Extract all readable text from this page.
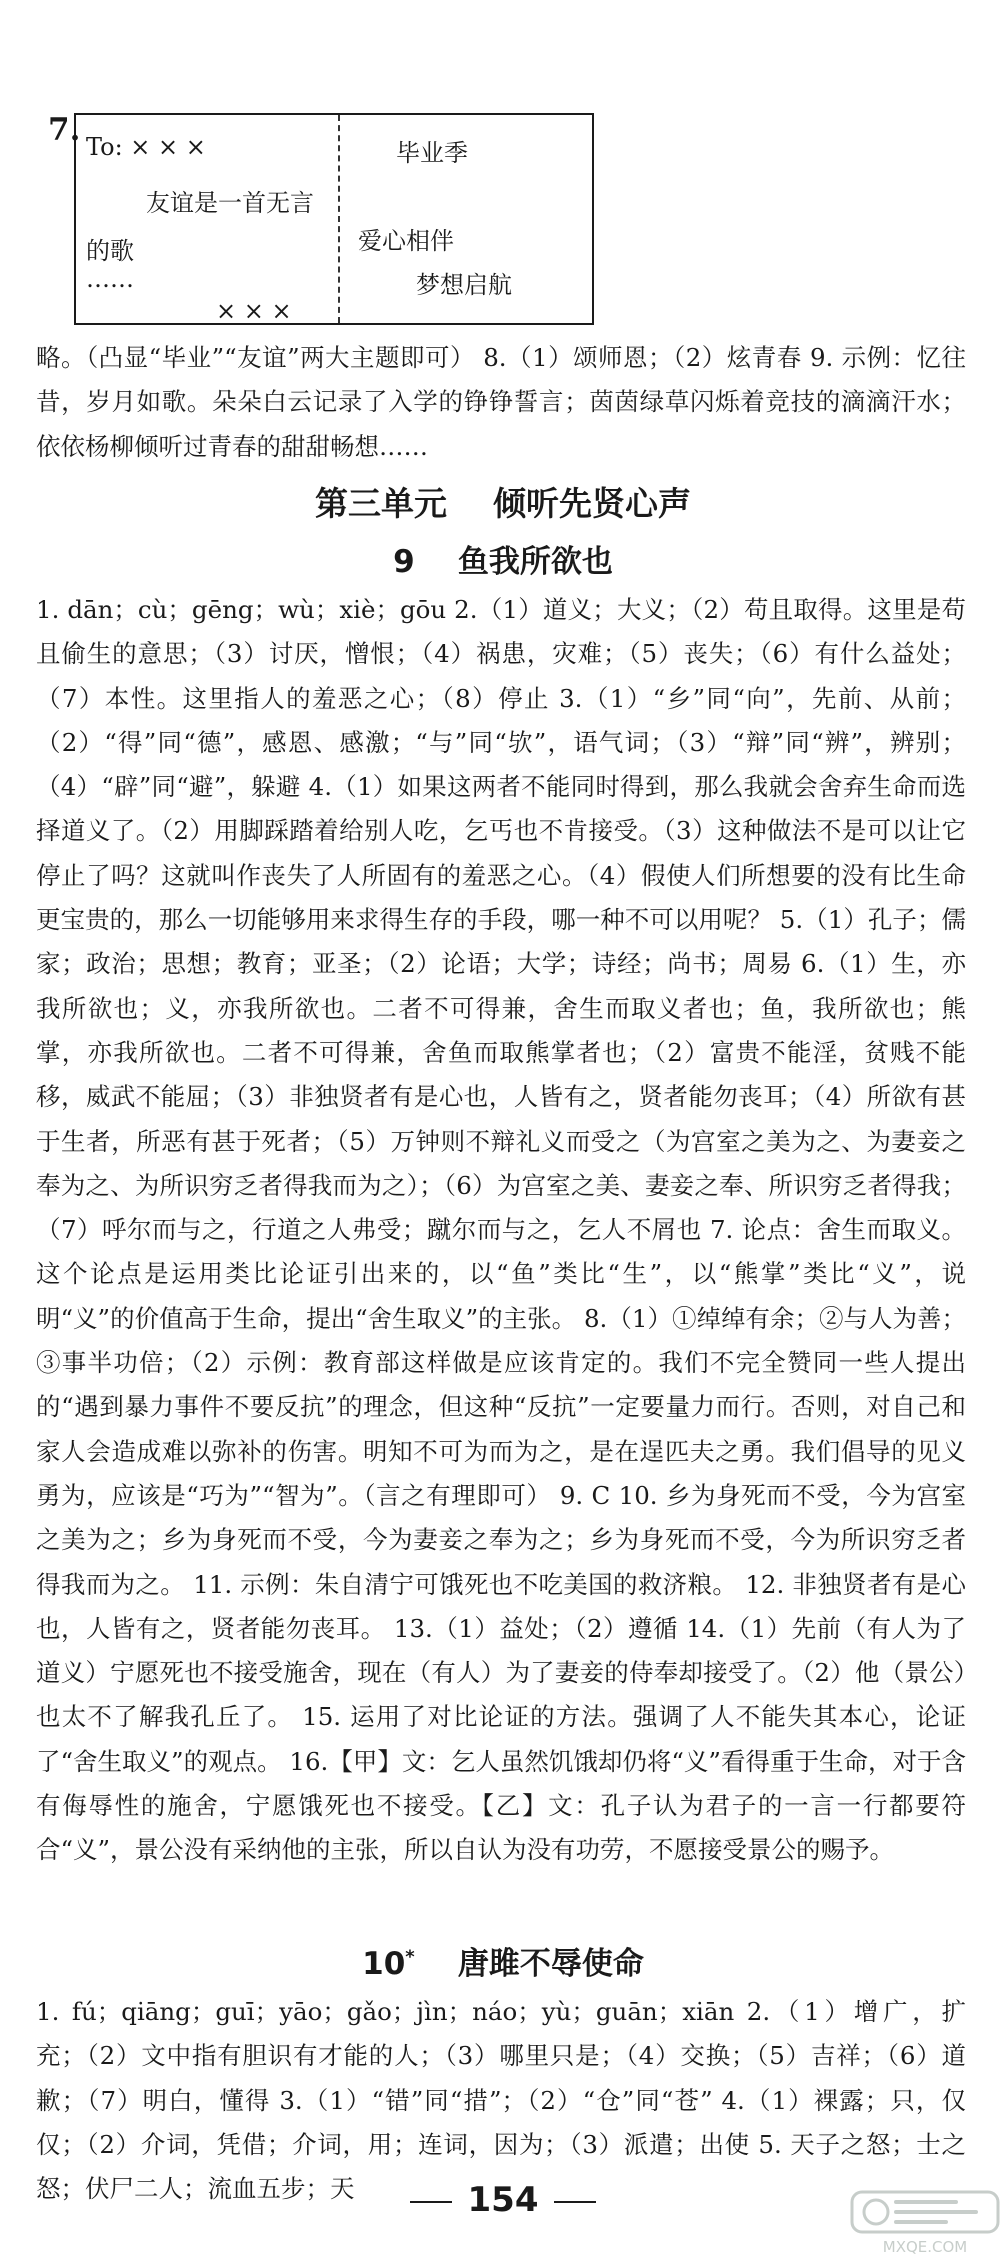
7. To: × × ×
友谊是一首无言
的歌
……
× × ×
毕业季
爱心相伴
梦想启航

略。（凸显“毕业”“友谊”两大主题即可） 8.（1）颂师恩；（2）炫青春 9. 示例：忆往昔，岁月如歌。朵朵白云记录了入学的铮铮誓言；茵茵绿草闪烁着竞技的滴滴汗水；依依杨柳倾听过青春的甜甜畅想……

第三单元    倾听先贤心声
9 鱼我所欲也

1. dān；cù；gēng；wù；xiè；gōu 2.（1）道义；大义；（2）苟且取得。这里是苟且偷生的意思；（3）讨厌，憎恨；（4）祸患，灾难；（5）丧失；（6）有什么益处；（7）本性。这里指人的羞恶之心；（8）停止 3.（1）“乡”同“向”，先前、从前；（2）“得”同“德”，感恩、感激；“与”同“欤”，语气词；（3）“辩”同“辨”，辨别；（4）“辟”同“避”，躲避 4.（1）如果这两者不能同时得到，那么我就会舍弃生命而选择道义了。（2）用脚踩踏着给别人吃，乞丐也不肯接受。（3）这种做法不是可以让它停止了吗？这就叫作丧失了人所固有的羞恶之心。（4）假使人们所想要的没有比生命更宝贵的，那么一切能够用来求得生存的手段，哪一种不可以用呢？ 5.（1）孔子；儒家；政治；思想；教育；亚圣；（2）论语；大学；诗经；尚书；周易 6.（1）生，亦我所欲也；义，亦我所欲也。二者不可得兼，舍生而取义者也；鱼，我所欲也；熊掌，亦我所欲也。二者不可得兼，舍鱼而取熊掌者也；（2）富贵不能淫，贫贱不能移，威武不能屈；（3）非独贤者有是心也，人皆有之，贤者能勿丧耳；（4）所欲有甚于生者，所恶有甚于死者；（5）万钟则不辩礼义而受之（为宫室之美为之、为妻妾之奉为之、为所识穷乏者得我而为之）；（6）为宫室之美、妻妾之奉、所识穷乏者得我；（7）呼尔而与之，行道之人弗受；蹴尔而与之，乞人不屑也 7. 论点：舍生而取义。这个论点是运用类比论证引出来的，以“鱼”类比“生”，以“熊掌”类比“义”，说明“义”的价值高于生命，提出“舍生取义”的主张。 8.（1）①绰绰有余；②与人为善；③事半功倍；（2）示例：教育部这样做是应该肯定的。我们不完全赞同一些人提出的“遇到暴力事件不要反抗”的理念，但这种“反抗”一定要量力而行。否则，对自己和家人会造成难以弥补的伤害。明知不可为而为之，是在逞匹夫之勇。我们倡导的见义勇为，应该是“巧为”“智为”。（言之有理即可） 9. C 10. 乡为身死而不受，今为宫室之美为之；乡为身死而不受，今为妻妾之奉为之；乡为身死而不受，今为所识穷乏者得我而为之。 11. 示例：朱自清宁可饿死也不吃美国的救济粮。 12. 非独贤者有是心也，人皆有之，贤者能勿丧耳。 13.（1）益处；（2）遵循 14.（1）先前（有人为了道义）宁愿死也不接受施舍，现在（有人）为了妻妾的侍奉却接受了。（2）他（景公）也太不了解我孔丘了。 15. 运用了对比论证的方法。强调了人不能失其本心，论证了“舍生取义”的观点。 16.【甲】文：乞人虽然饥饿却仍将“义”看得重于生命，对于含有侮辱性的施舍，宁愿饿死也不接受。【乙】文：孔子认为君子的一言一行都要符合“义”，景公没有采纳他的主张，所以自认为没有功劳，不愿接受景公的赐予。

10* 唐雎不辱使命

1. fú；qiāng；guī；yāo；gǎo；jìn；náo；yù；guān；xiān 2.（1）增广，扩充；（2）文中指有胆识有才能的人；（3）哪里只是；（4）交换；（5）吉祥；（6）道歉；（7）明白，懂得 3.（1）“错”同“措”；（2）“仓”同“苍” 4.（1）裸露；只，仅仅；（2）介词，凭借；介词，用；连词，因为；（3）派遣；出使 5. 天子之怒；士之怒；伏尸二人；流血五步；天	154
MXQE.COM
